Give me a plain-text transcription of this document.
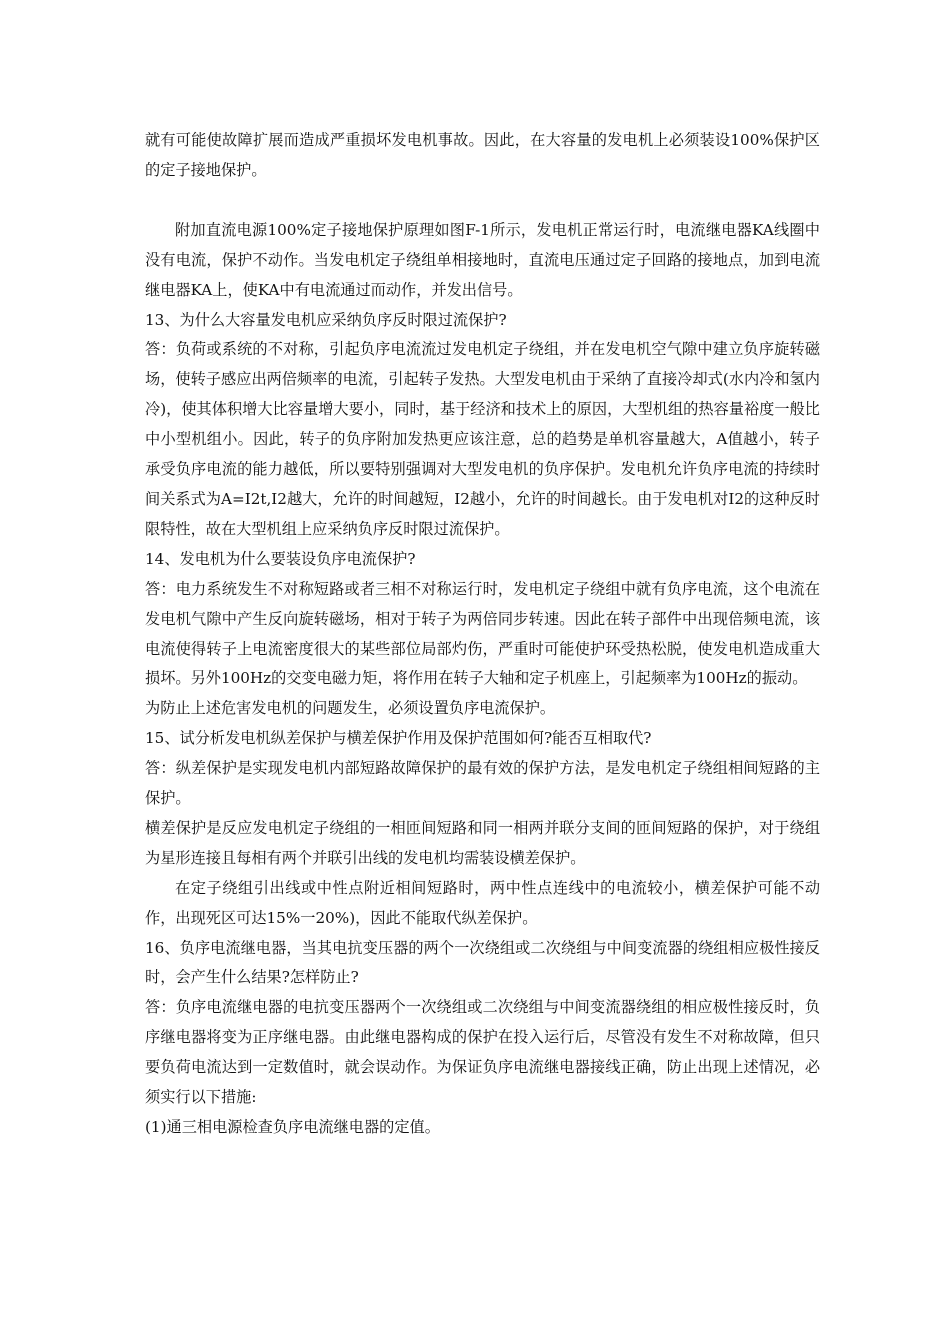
就有可能使故障扩展而造成严重损坏发电机事故。因此，在大容量的发电机上必须装设100%保护区的定子接地保护。

附加直流电源100%定子接地保护原理如图F-1所示，发电机正常运行时，电流继电器KA线圈中没有电流，保护不动作。当发电机定子绕组单相接地时，直流电压通过定子回路的接地点，加到电流继电器KA上，使KA中有电流通过而动作，并发出信号。

13、为什么大容量发电机应采纳负序反时限过流保护?

答：负荷或系统的不对称，引起负序电流流过发电机定子绕组，并在发电机空气隙中建立负序旋转磁场，使转子感应出两倍频率的电流，引起转子发热。大型发电机由于采纳了直接冷却式(水内冷和氢内冷)，使其体积增大比容量增大要小，同时，基于经济和技术上的原因，大型机组的热容量裕度一般比中小型机组小。因此，转子的负序附加发热更应该注意，总的趋势是单机容量越大，A值越小，转子承受负序电流的能力越低，所以要特别强调对大型发电机的负序保护。发电机允许负序电流的持续时间关系式为A=I2t,I2越大，允许的时间越短，I2越小，允许的时间越长。由于发电机对I2的这种反时限特性，故在大型机组上应采纳负序反时限过流保护。

14、发电机为什么要装设负序电流保护?

答：电力系统发生不对称短路或者三相不对称运行时，发电机定子绕组中就有负序电流，这个电流在发电机气隙中产生反向旋转磁场，相对于转子为两倍同步转速。因此在转子部件中出现倍频电流，该电流使得转子上电流密度很大的某些部位局部灼伤，严重时可能使护环受热松脱，使发电机造成重大损坏。另外100Hz的交变电磁力矩，将作用在转子大轴和定子机座上，引起频率为100Hz的振动。

为防止上述危害发电机的问题发生，必须设置负序电流保护。

15、试分析发电机纵差保护与横差保护作用及保护范围如何?能否互相取代?

答：纵差保护是实现发电机内部短路故障保护的最有效的保护方法，是发电机定子绕组相间短路的主保护。

横差保护是反应发电机定子绕组的一相匝间短路和同一相两并联分支间的匝间短路的保护，对于绕组为星形连接且每相有两个并联引出线的发电机均需装设横差保护。

在定子绕组引出线或中性点附近相间短路时，两中性点连线中的电流较小，横差保护可能不动作，出现死区可达15%一20%)，因此不能取代纵差保护。

16、负序电流继电器，当其电抗变压器的两个一次绕组或二次绕组与中间变流器的绕组相应极性接反时，会产生什么结果?怎样防止?

答：负序电流继电器的电抗变压器两个一次绕组或二次绕组与中间变流器绕组的相应极性接反时，负序继电器将变为正序继电器。由此继电器构成的保护在投入运行后，尽管没有发生不对称故障，但只要负荷电流达到一定数值时，就会误动作。为保证负序电流继电器接线正确，防止出现上述情况，必须实行以下措施:

(1)通三相电源检查负序电流继电器的定值。
